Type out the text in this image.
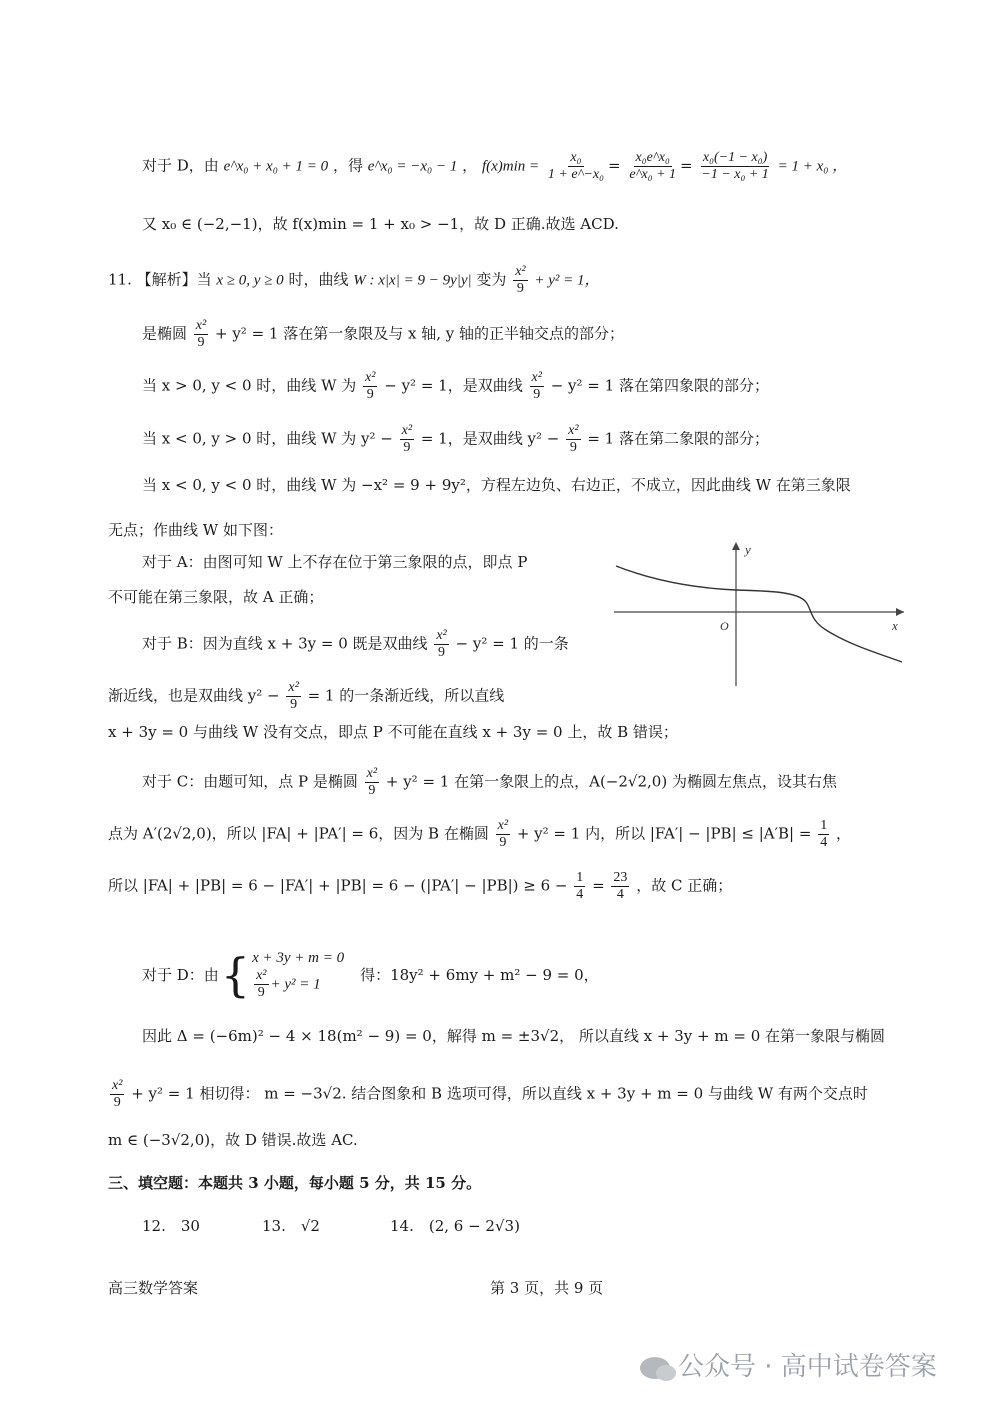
对于 D，由 e^x₀ + x₀ + 1 = 0 ，得 e^x₀ = −x₀ − 1 ， $f(x)\min = \frac{\text{x₀}}{\text{1 + e\textasciicircum{}−x₀}} = \frac{\text{x₀e\textasciicircum{}x₀}}{\text{e\textasciicircum{}x₀ + 1}} = \frac{\text{x₀(−1 − x₀)}}{\text{−1 − x₀ + 1}} = 1 + x_0$ ，
又 x₀ ∈ (−2,−1)，故 f(x)min = 1 + x₀ > −1，故 D 正确.故选 ACD.
11. 【解析】当 x ≥ 0, y ≥ 0 时，曲线 W : x|x| = 9 − 9y|y| 变为 $\frac{\text{x²}}{9} + y^2 = 1$，
是椭圆 $\frac{\text{x²}}{9} + y^2 = 1$ 落在第一象限及与 x 轴, y 轴的正半轴交点的部分；
当 x > 0, y < 0 时，曲线 W 为 $\frac{\text{x²}}{9} - y^2 = 1$，是双曲线 $\frac{\text{x²}}{9} - y^2 = 1$ 落在第四象限的部分；
当 x < 0, y > 0 时，曲线 W 为 $y^2 - \frac{\text{x²}}{9} = 1$，是双曲线 $y^2 - \frac{\text{x²}}{9} = 1$ 落在第二象限的部分；
当 x < 0, y < 0 时，曲线 W 为 −x² = 9 + 9y²，方程左边负、右边正，不成立，因此曲线 W 在第三象限
无点；作曲线 W 如下图：
对于 A：由图可知 W 上不存在位于第三象限的点，即点 P
不可能在第三象限，故 A 正确；
对于 B：因为直线 x + 3y = 0 既是双曲线 $\frac{\text{x²}}{9} - y^2 = 1$ 的一条
渐近线，也是双曲线 $y^2 - \frac{\text{x²}}{9} = 1$ 的一条渐近线，所以直线
x + 3y = 0 与曲线 W 没有交点，即点 P 不可能在直线 x + 3y = 0 上，故 B 错误；
对于 C：由题可知，点 P 是椭圆 $\frac{\text{x²}}{9} + y^2 = 1$ 在第一象限上的点，A(−2√2,0) 为椭圆左焦点，设其右焦
点为 A′(2√2,0)，所以 |FA| + |PA′| = 6，因为 B 在椭圆 $\frac{\text{x²}}{9} + y^2 = 1$ 内，所以 $|FA'| - |PB| \le |A'B| = \frac{1}{4}$ ，
所以 $|FA| + |PB| = 6 - |FA'| + |PB| = 6 - (|PA'| - |PB|) \ge 6 - \frac{1}{4} = \frac{23}{4}$ ，故 C 正确；
对于 D：由 { x + 3y + m = 0
$\frac{\text{x²}}{9} + y^2 = 1$
得：18y² + 6my + m² − 9 = 0，
因此 Δ = (−6m)² − 4 × 18(m² − 9) = 0，解得 m = ±3√2， 所以直线 x + 3y + m = 0 在第一象限与椭圆
$\frac{\text{x²}}{9} + y^2 = 1$ 相切得： m = −3√2. 结合图象和 B 选项可得，所以直线 x + 3y + m = 0 与曲线 W 有两个交点时
m ∈ (−3√2,0)，故 D 错误.故选 AC.
三、填空题：本题共 3 小题，每小题 5 分，共 15 分。
12.　30	13.　√2	14.　(2, 6 − 2√3)
高三数学答案	第 3 页，共 9 页
y
x
O
公众号 · 高中试卷答案
